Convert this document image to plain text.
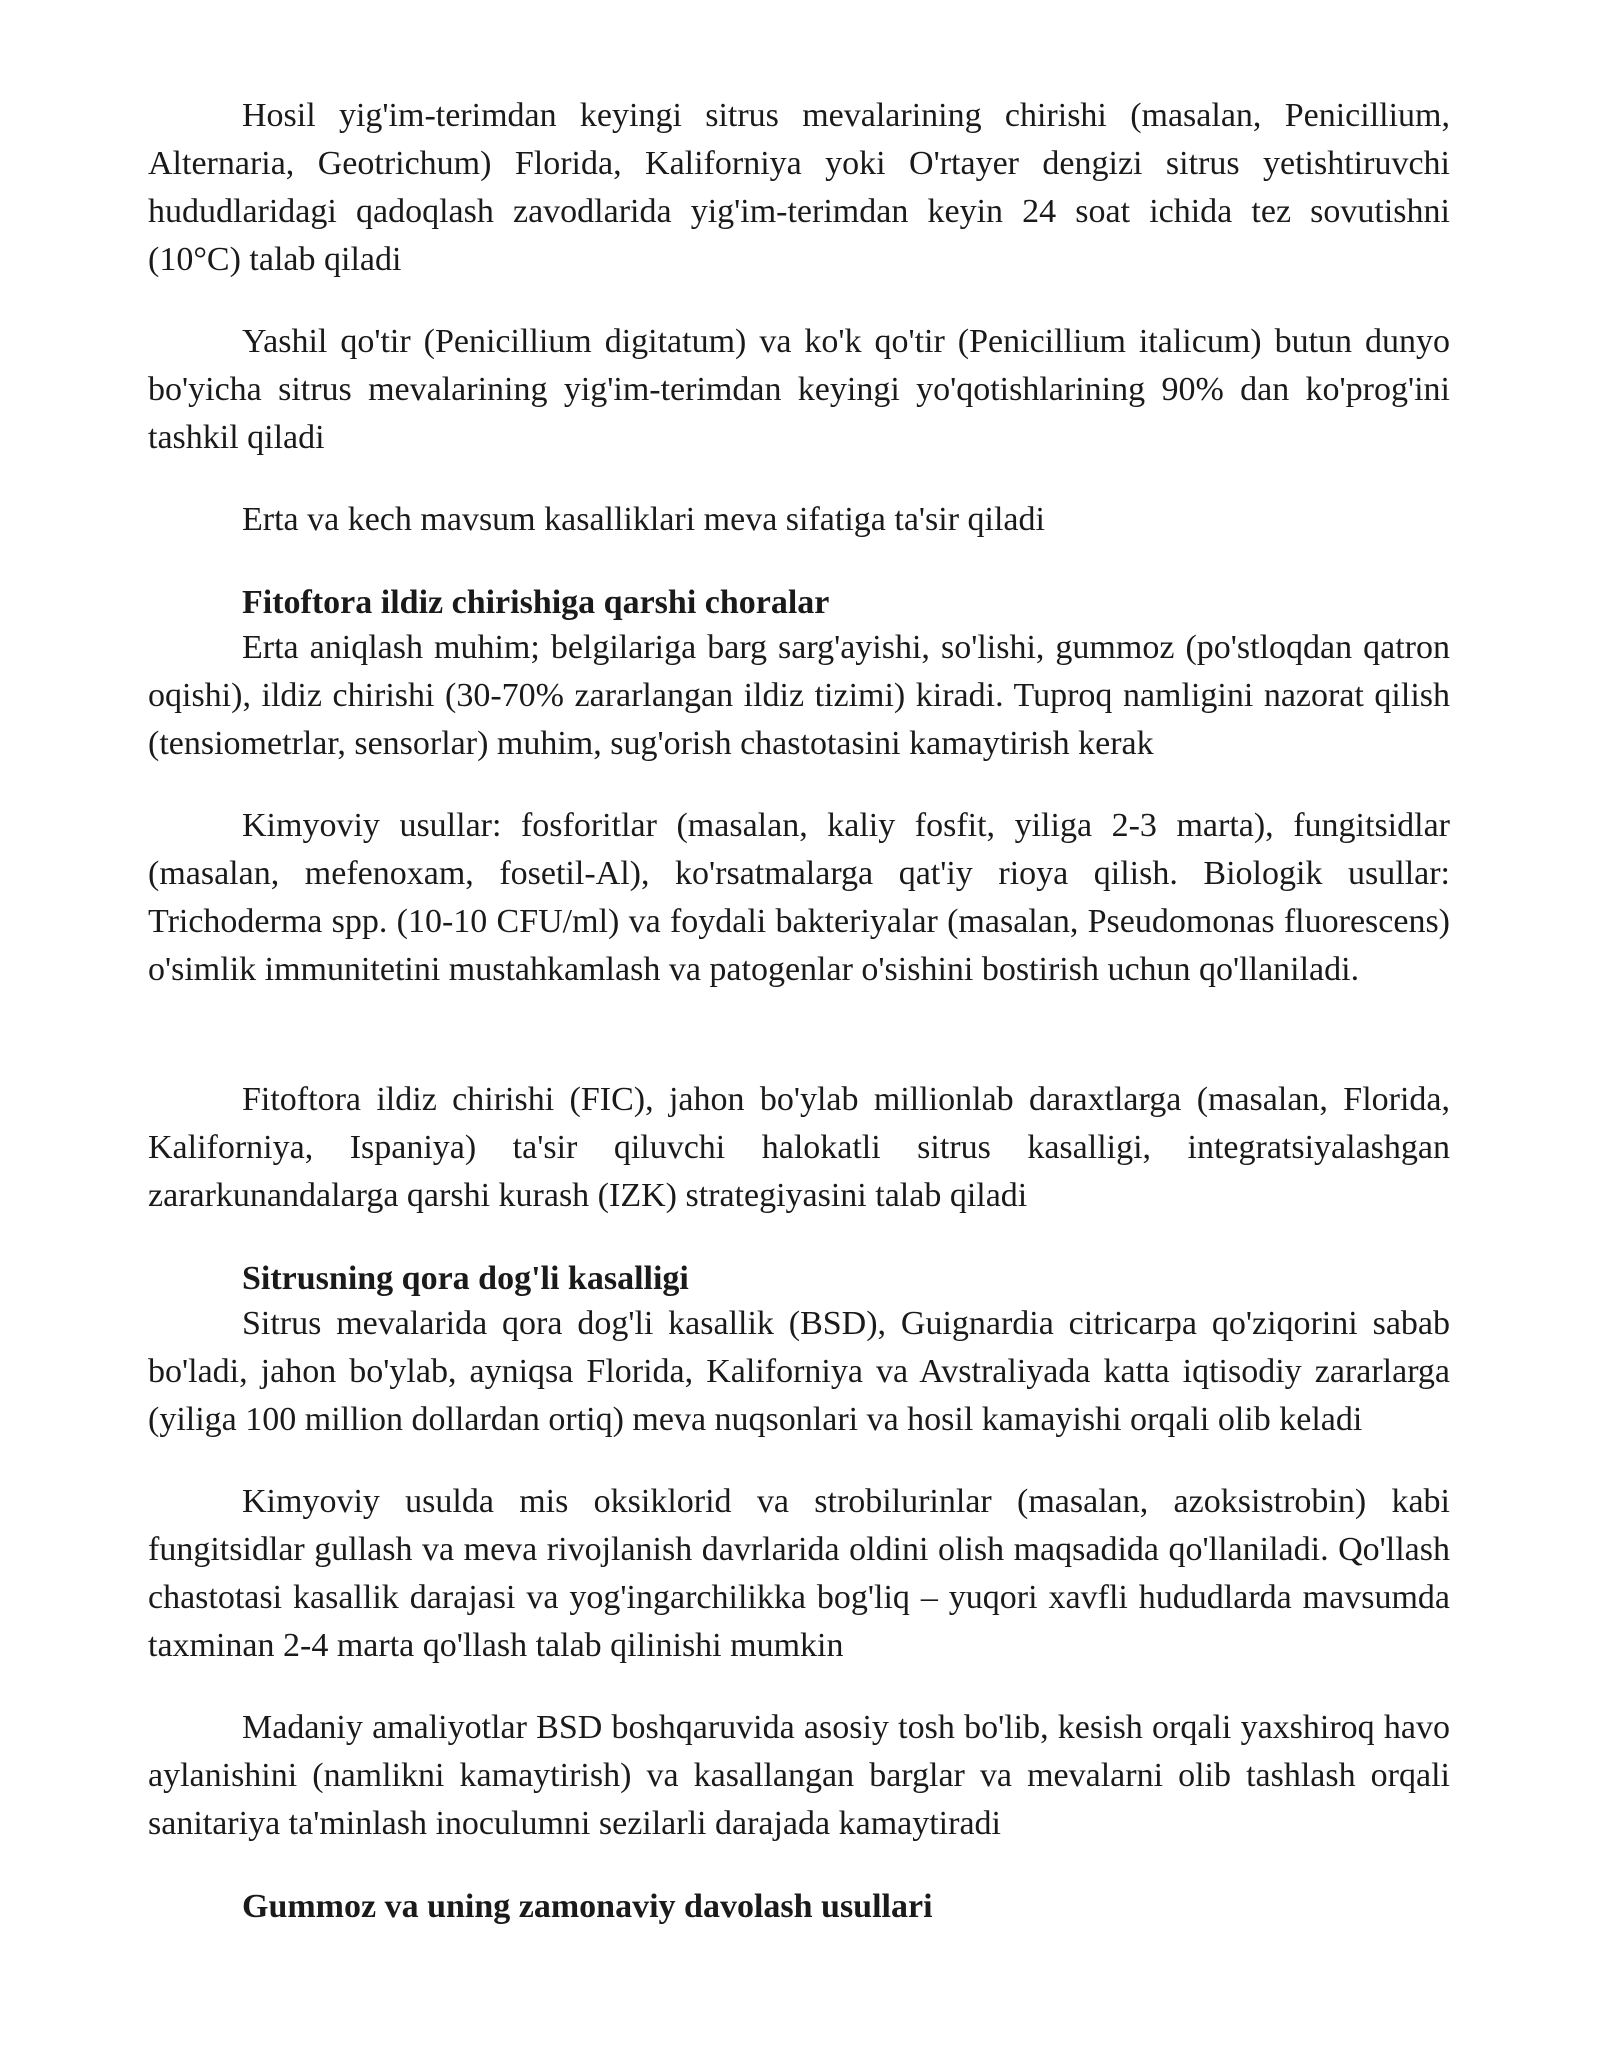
Hosil yig'im-terimdan keyingi sitrus mevalarining chirishi (masalan, Penicillium, Alternaria, Geotrichum) Florida, Kaliforniya yoki O'rtayer dengizi sitrus yetishtiruvchi hududlaridagi qadoqlash zavodlarida yig'im-terimdan keyin 24 soat ichida tez sovutishni (10°C) talab qiladi

Yashil qo'tir (Penicillium digitatum) va ko'k qo'tir (Penicillium italicum) butun dunyo bo'yicha sitrus mevalarining yig'im-terimdan keyingi yo'qotishlarining 90% dan ko'prog'ini tashkil qiladi

Erta va kech mavsum kasalliklari meva sifatiga ta'sir qiladi

Fitoftora ildiz chirishiga qarshi choralar

Erta aniqlash muhim; belgilariga barg sarg'ayishi, so'lishi, gummoz (po'stloqdan qatron oqishi), ildiz chirishi (30-70% zararlangan ildiz tizimi) kiradi. Tuproq namligini nazorat qilish (tensiometrlar, sensorlar) muhim, sug'orish chastotasini kamaytirish kerak

Kimyoviy usullar: fosforitlar (masalan, kaliy fosfit, yiliga 2-3 marta), fungitsidlar (masalan, mefenoxam, fosetil-Al), ko'rsatmalarga qat'iy rioya qilish. Biologik usullar: Trichoderma spp. (10-10 CFU/ml) va foydali bakteriyalar (masalan, Pseudomonas fluorescens) o'simlik immunitetini mustahkamlash va patogenlar o'sishini bostirish uchun qo'llaniladi.

Fitoftora ildiz chirishi (FIC), jahon bo'ylab millionlab daraxtlarga (masalan, Florida, Kaliforniya, Ispaniya) ta'sir qiluvchi halokatli sitrus kasalligi, integratsiyalashgan zararkunandalarga qarshi kurash (IZK) strategiyasini talab qiladi

Sitrusning qora dog'li kasalligi

Sitrus mevalarida qora dog'li kasallik (BSD), Guignardia citricarpa qo'ziqorini sabab bo'ladi, jahon bo'ylab, ayniqsa Florida, Kaliforniya va Avstraliyada katta iqtisodiy zararlarga (yiliga 100 million dollardan ortiq) meva nuqsonlari va hosil kamayishi orqali olib keladi

Kimyoviy usulda mis oksiklorid va strobilurinlar (masalan, azoksistrobin) kabi fungitsidlar gullash va meva rivojlanish davrlarida oldini olish maqsadida qo'llaniladi. Qo'llash chastotasi kasallik darajasi va yog'ingarchilikka bog'liq – yuqori xavfli hududlarda mavsumda taxminan 2-4 marta qo'llash talab qilinishi mumkin

Madaniy amaliyotlar BSD boshqaruvida asosiy tosh bo'lib, kesish orqali yaxshiroq havo aylanishini (namlikni kamaytirish) va kasallangan barglar va mevalarni olib tashlash orqali sanitariya ta'minlash inoculumni sezilarli darajada kamaytiradi

Gummoz va uning zamonaviy davolash usullari
